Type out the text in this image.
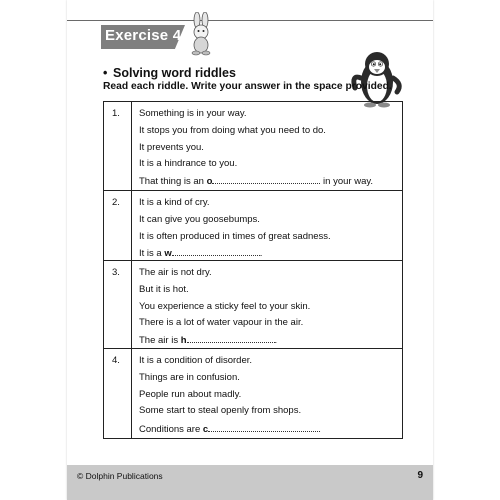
Exercise 4
• Solving word riddles
Read each riddle. Write your answer in the space provided.
1. Something is in your way.
It stops you from doing what you need to do.
It prevents you.
It is a hindrance to you.
That thing is an o	in your way.
2. It is a kind of cry.
It can give you goosebumps.
It is often produced in times of great sadness.
It is a w	.
3. The air is not dry.
But it is hot.
You experience a sticky feel to your skin.
There is a lot of water vapour in the air.
The air is h	.
4. It is a condition of disorder.
Things are in confusion.
People run about madly.
Some start to steal openly from shops.
Conditions are c	.
© Dolphin Publications	9
